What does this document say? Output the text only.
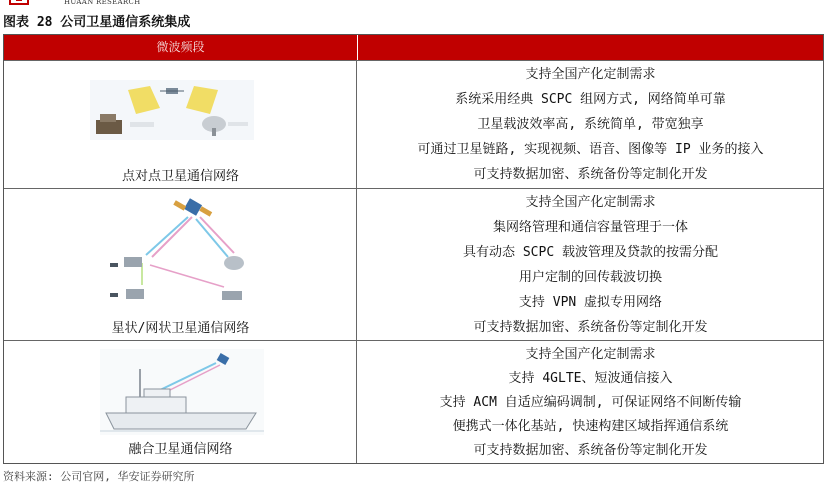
HUAAN RESEARCH
图表 28 公司卫星通信系统集成
微波频段
点对点卫星通信网络
支持全国产化定制需求
系统采用经典 SCPC 组网方式, 网络简单可靠
卫星载波效率高, 系统简单, 带宽独享
可通过卫星链路, 实现视频、语音、图像等 IP 业务的接入
可支持数据加密、系统备份等定制化开发
星状/网状卫星通信网络
支持全国产化定制需求
集网络管理和通信容量管理于一体
具有动态 SCPC 载波管理及贷款的按需分配
用户定制的回传载波切换
支持 VPN 虚拟专用网络
可支持数据加密、系统备份等定制化开发
融合卫星通信网络
支持全国产化定制需求
支持 4GLTE、短波通信接入
支持 ACM 自适应编码调制, 可保证网络不间断传输
便携式一体化基站, 快速构建区域指挥通信系统
可支持数据加密、系统备份等定制化开发
资料来源: 公司官网, 华安证券研究所
